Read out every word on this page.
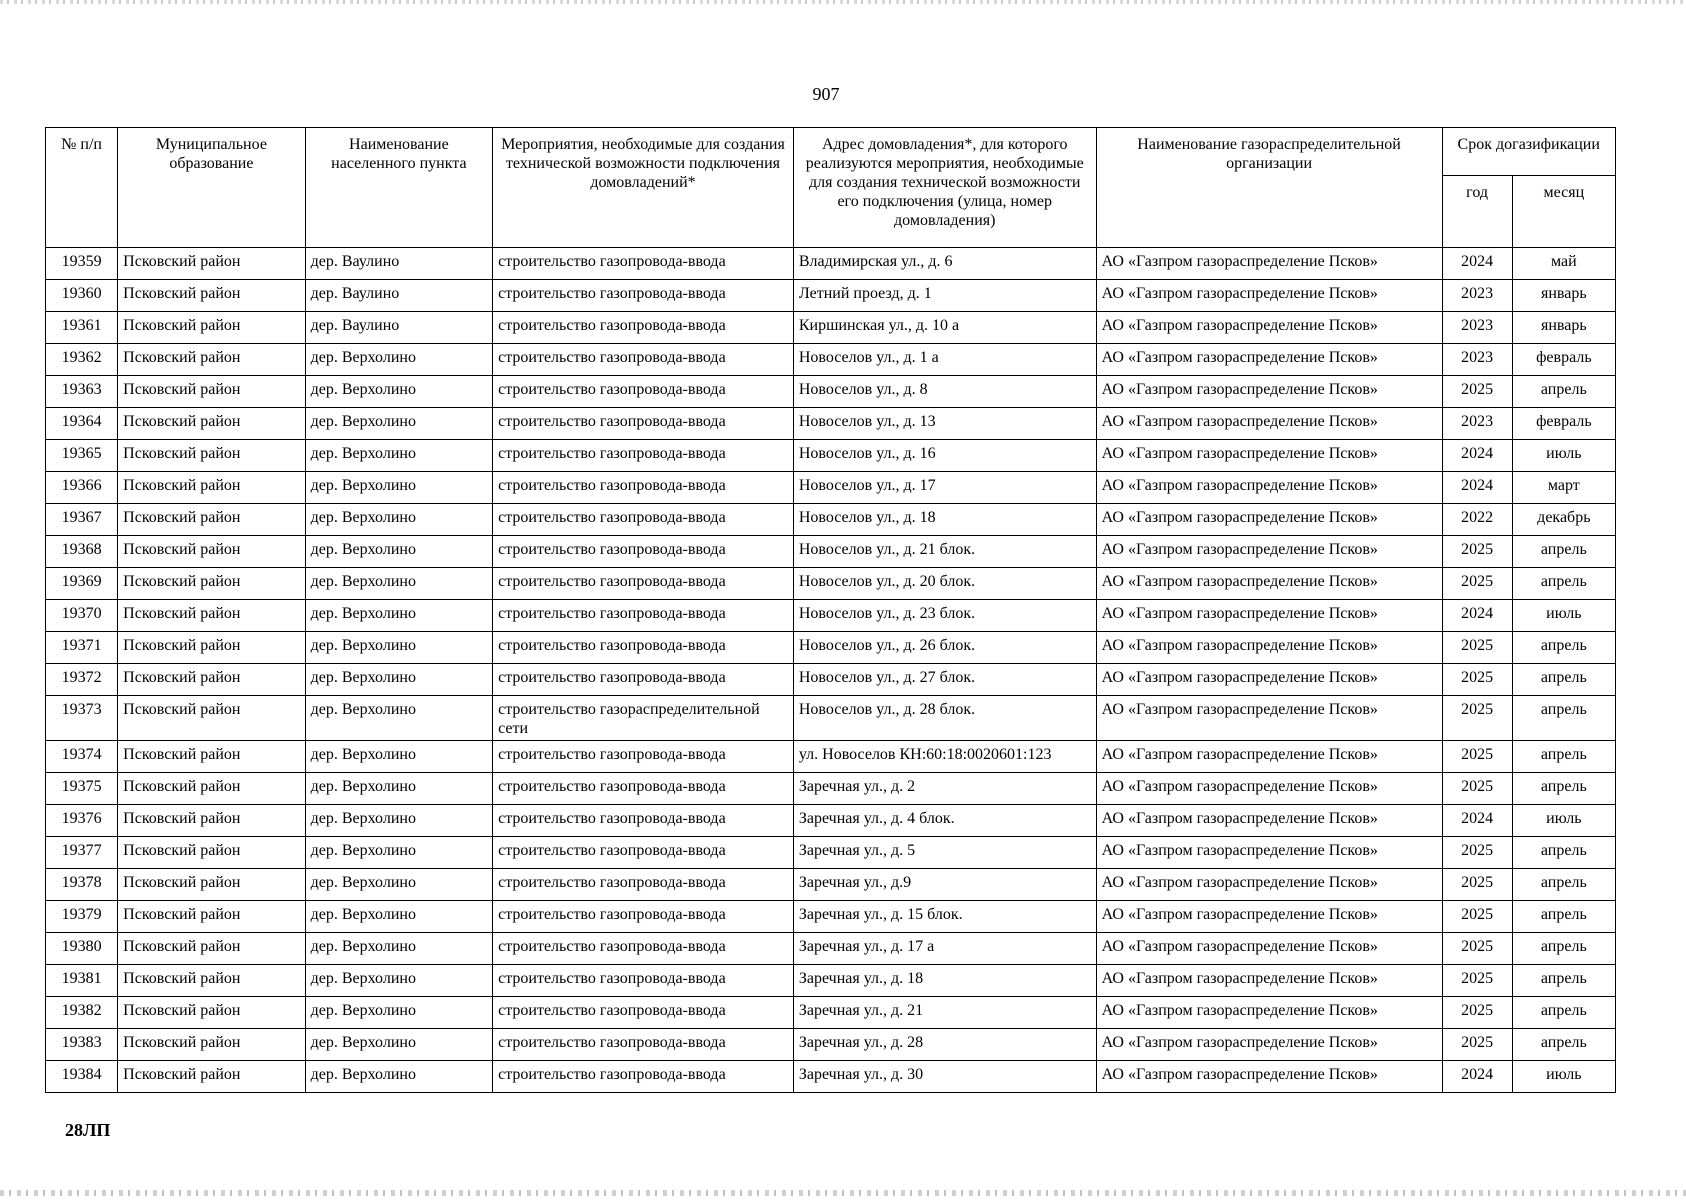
907
№ п/п	Муниципальное образование	Наименование населенного пункта	Мероприятия, необходимые для создания технической возможности подключения домовладений*	Адрес домовладения*, для которого реализуются мероприятия, необходимые для создания технической возможности его подключения (улица, номер домовладения)	Наименование газораспределительной организации	Срок догазификации	
						год	месяц
19359	Псковский район	дер. Ваулино	строительство газопровода-ввода	Владимирская ул., д. 6	АО «Газпром газораспределение Псков»	2024	май
19360	Псковский район	дер. Ваулино	строительство газопровода-ввода	Летний проезд, д. 1	АО «Газпром газораспределение Псков»	2023	январь
19361	Псковский район	дер. Ваулино	строительство газопровода-ввода	Киршинская ул., д. 10 а	АО «Газпром газораспределение Псков»	2023	январь
19362	Псковский район	дер. Верхолино	строительство газопровода-ввода	Новоселов ул., д. 1 а	АО «Газпром газораспределение Псков»	2023	февраль
19363	Псковский район	дер. Верхолино	строительство газопровода-ввода	Новоселов ул., д. 8	АО «Газпром газораспределение Псков»	2025	апрель
19364	Псковский район	дер. Верхолино	строительство газопровода-ввода	Новоселов ул., д. 13	АО «Газпром газораспределение Псков»	2023	февраль
19365	Псковский район	дер. Верхолино	строительство газопровода-ввода	Новоселов ул., д. 16	АО «Газпром газораспределение Псков»	2024	июль
19366	Псковский район	дер. Верхолино	строительство газопровода-ввода	Новоселов ул., д. 17	АО «Газпром газораспределение Псков»	2024	март
19367	Псковский район	дер. Верхолино	строительство газопровода-ввода	Новоселов ул., д. 18	АО «Газпром газораспределение Псков»	2022	декабрь
19368	Псковский район	дер. Верхолино	строительство газопровода-ввода	Новоселов ул., д. 21 блок.	АО «Газпром газораспределение Псков»	2025	апрель
19369	Псковский район	дер. Верхолино	строительство газопровода-ввода	Новоселов ул., д. 20 блок.	АО «Газпром газораспределение Псков»	2025	апрель
19370	Псковский район	дер. Верхолино	строительство газопровода-ввода	Новоселов ул., д. 23 блок.	АО «Газпром газораспределение Псков»	2024	июль
19371	Псковский район	дер. Верхолино	строительство газопровода-ввода	Новоселов ул., д. 26 блок.	АО «Газпром газораспределение Псков»	2025	апрель
19372	Псковский район	дер. Верхолино	строительство газопровода-ввода	Новоселов ул., д. 27 блок.	АО «Газпром газораспределение Псков»	2025	апрель
19373	Псковский район	дер. Верхолино	строительство газораспределительной сети	Новоселов ул., д. 28 блок.	АО «Газпром газораспределение Псков»	2025	апрель
19374	Псковский район	дер. Верхолино	строительство газопровода-ввода	ул. Новоселов КН:60:18:0020601:123	АО «Газпром газораспределение Псков»	2025	апрель
19375	Псковский район	дер. Верхолино	строительство газопровода-ввода	Заречная ул., д. 2	АО «Газпром газораспределение Псков»	2025	апрель
19376	Псковский район	дер. Верхолино	строительство газопровода-ввода	Заречная ул., д. 4 блок.	АО «Газпром газораспределение Псков»	2024	июль
19377	Псковский район	дер. Верхолино	строительство газопровода-ввода	Заречная ул., д. 5	АО «Газпром газораспределение Псков»	2025	апрель
19378	Псковский район	дер. Верхолино	строительство газопровода-ввода	Заречная ул., д.9	АО «Газпром газораспределение Псков»	2025	апрель
19379	Псковский район	дер. Верхолино	строительство газопровода-ввода	Заречная ул., д. 15 блок.	АО «Газпром газораспределение Псков»	2025	апрель
19380	Псковский район	дер. Верхолино	строительство газопровода-ввода	Заречная ул., д. 17 а	АО «Газпром газораспределение Псков»	2025	апрель
19381	Псковский район	дер. Верхолино	строительство газопровода-ввода	Заречная ул., д. 18	АО «Газпром газораспределение Псков»	2025	апрель
19382	Псковский район	дер. Верхолино	строительство газопровода-ввода	Заречная ул., д. 21	АО «Газпром газораспределение Псков»	2025	апрель
19383	Псковский район	дер. Верхолино	строительство газопровода-ввода	Заречная ул., д. 28	АО «Газпром газораспределение Псков»	2025	апрель
19384	Псковский район	дер. Верхолино	строительство газопровода-ввода	Заречная ул., д. 30	АО «Газпром газораспределение Псков»	2024	июль
28ЛП
